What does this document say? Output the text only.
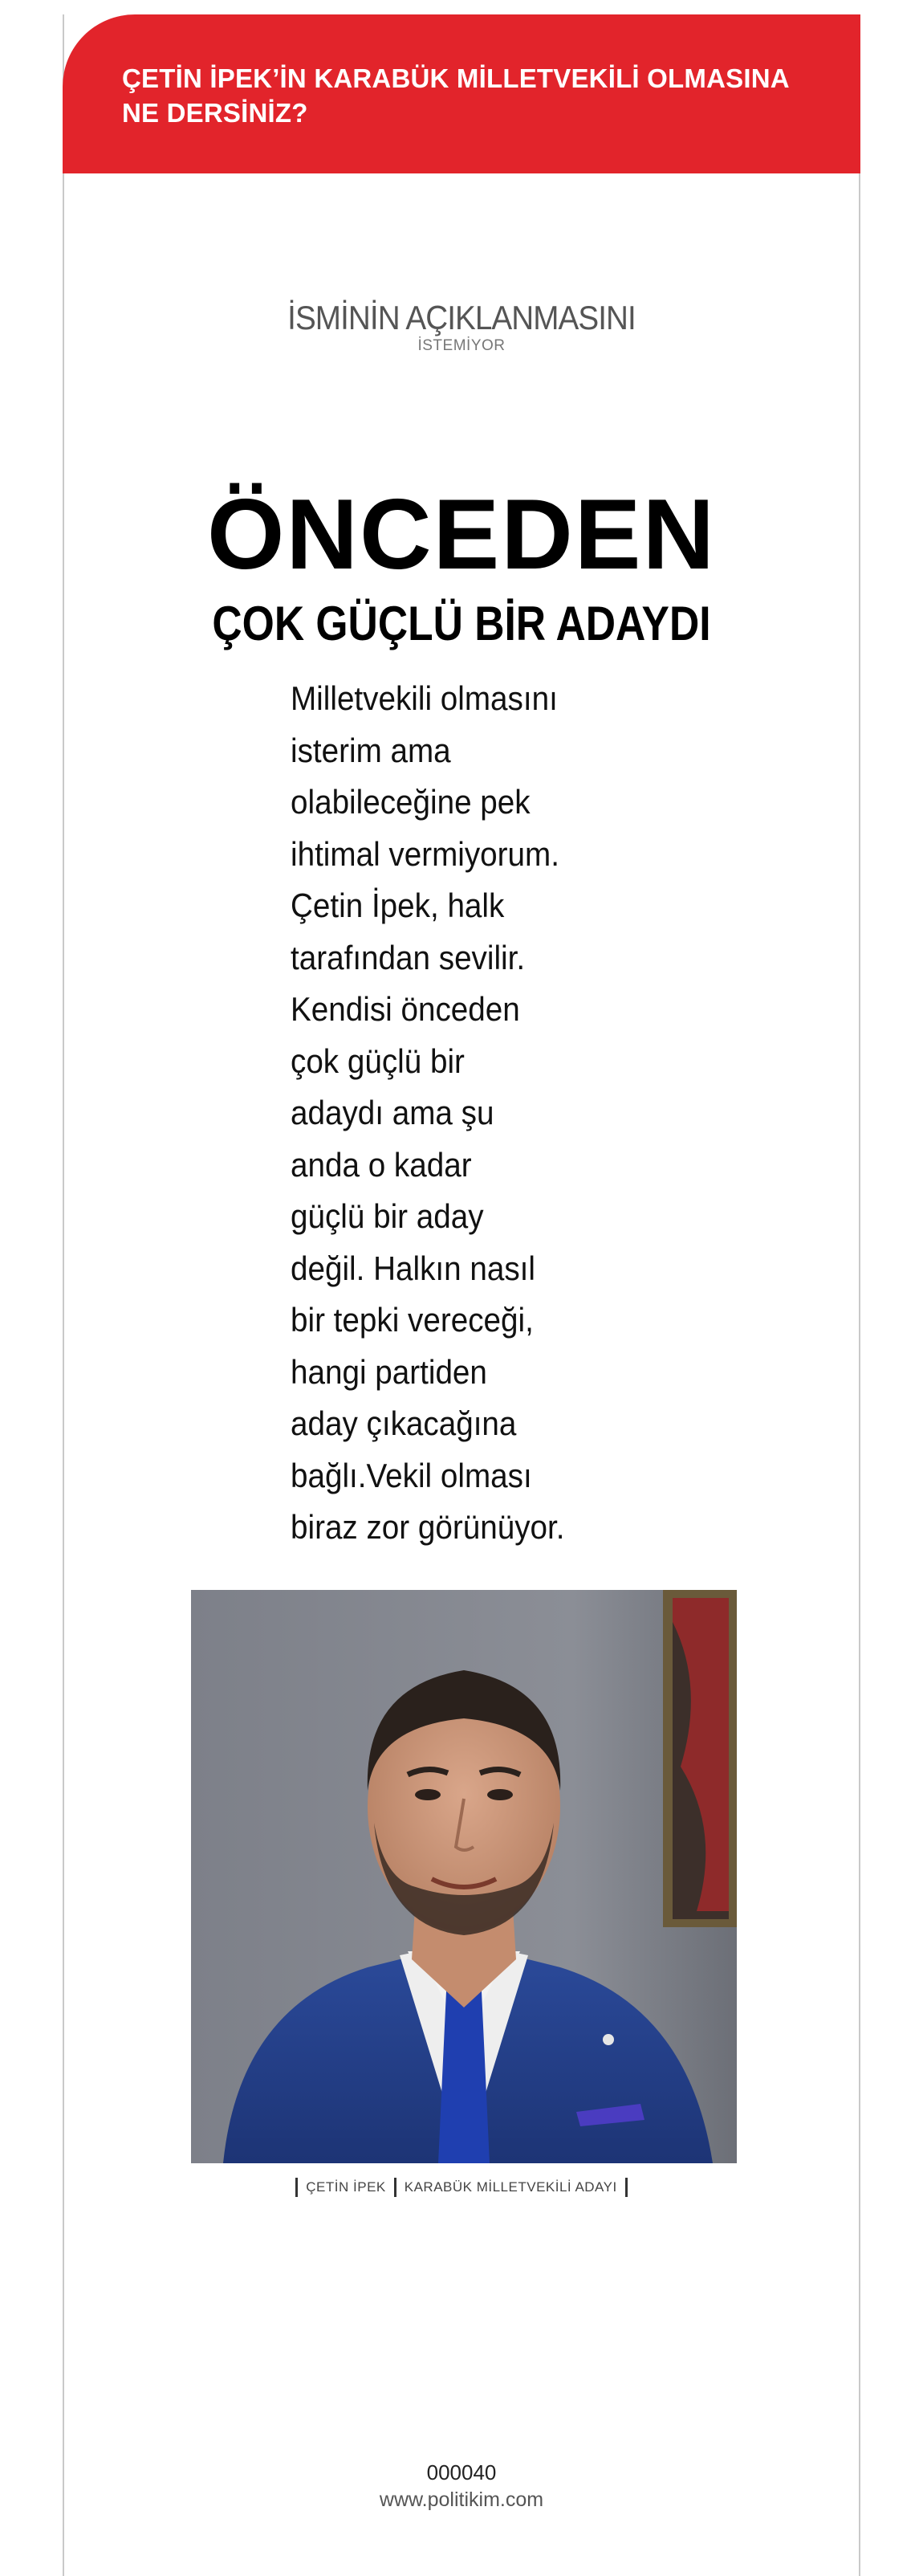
ÇETİN İPEK’İN KARABÜK MİLLETVEKİLİ OLMASINA
NE DERSİNİZ?

İSMİNİN AÇIKLANMASINI
İSTEMİYOR
ÖNCEDEN
ÇOK GÜÇLÜ BİR ADAYDI
Milletvekili olmasını
isterim ama
olabileceğine pek
ihtimal vermiyorum.
Çetin İpek, halk
tarafından sevilir.
Kendisi önceden
çok güçlü bir
adaydı ama şu
anda o kadar
güçlü bir aday
değil. Halkın nasıl
bir tepki vereceği,
hangi partiden
aday çıkacağına
bağlı.Vekil olması
biraz zor görünüyor.
ÇETİN İPEK KARABÜK MİLLETVEKİLİ ADAYI
000040
www.politikim.com
